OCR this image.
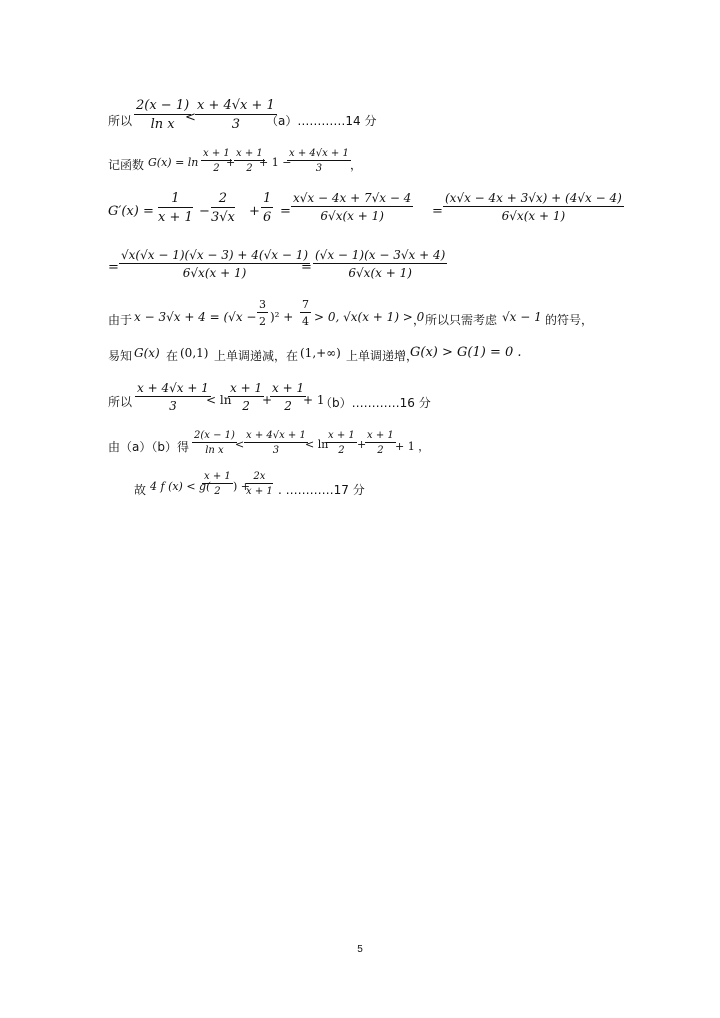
所以 $\frac{2(x - 1)}{\text{ln x}}$
< $\frac{x + 4√x + 1}{3}$
（a）…………14 分
记函数 $G(x) = \ln \frac{x + 1}{2}$
+
$\frac{x + 1}{2}$
+ 1 −
$\frac{x + 4√x + 1}{3}$ ，
$G'(x) = \frac{1}{x + 1} - \frac{2}{3√x} + \frac{1}{6} = \frac{x√x - 4x + 7√x - 4}{6√x(x + 1)} = \frac{(x√x - 4x + 3√x) + (4√x - 4)}{6√x(x + 1)}$
= $\frac{√x(√x - 1)(√x - 3) + 4(√x - 1)}{6√x(x + 1)}$
= $\frac{(√x - 1)(x - 3√x + 4)}{6√x(x + 1)}$
由于 $x - 3√x + 4 = (√x - \frac{3}{2} )^2 + \frac{7}{4} > 0$, √x(x + 1) > 0
，所以只需考虑 √x − 1 的符号，
易知 G(x) 在 (0,1) 上单调递减，在 (1,+∞) 上单调递增，
G(x) > G(1) = 0 .
所以 $\frac{x + 4√x + 1}{3}$
< ln
$\frac{x + 1}{2}$
+
$\frac{x + 1}{2}$
+ 1
（b）…………16 分
由（a）（b）得 $\frac{2(x - 1)}{\text{ln x}}$
< $\frac{x + 4√x + 1}{3}$
< ln
$\frac{x + 1}{2}$ +
$\frac{x + 1}{2} + 1$ ，
故 4 f (x) < g(
$\frac{x + 1}{2}$ ) +
$\frac{2x}{x + 1}$ . …………17 分
5
